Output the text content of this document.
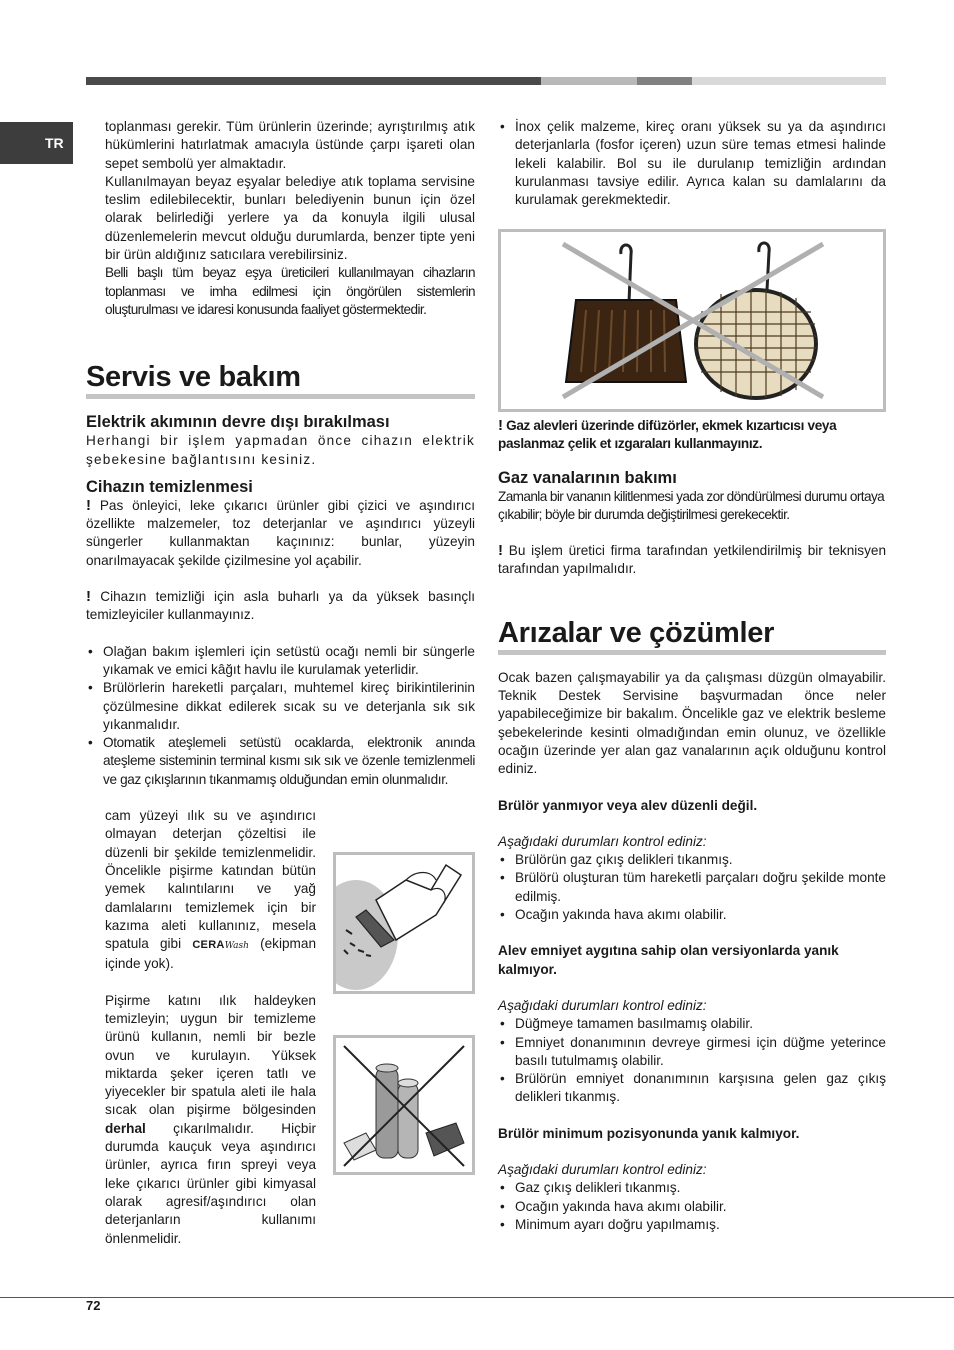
TR

toplanması gerekir. Tüm ürünlerin üzerinde; ayrıştırılmış atık hükümlerini hatırlatmak amacıyla üstünde çarpı işareti olan sepet sembolü yer almaktadır.

Kullanılmayan beyaz eşyalar belediye atık toplama servisine teslim edilebilecektir, bunları belediyenin bunun için özel olarak belirlediği yerlere ya da konuyla ilgili ulusal düzenlemelerin mevcut olduğu durumlarda, benzer tipte yeni bir ürün aldığınız satıcılara verebilirsiniz.

Belli başlı tüm beyaz eşya üreticileri kullanılmayan cihazların toplanması ve imha edilmesi için öngörülen sistemlerin oluşturulması ve idaresi konusunda faaliyet göstermektedir.

Servis ve bakım
Elektrik akımının devre dışı bırakılması

Herhangi bir işlem yapmadan önce cihazın elektrik şebekesine bağlantısını kesiniz.

Cihazın temizlenmesi

! Pas önleyici, leke çıkarıcı ürünler gibi çizici ve aşındırıcı özellikte malzemeler, toz deterjanlar ve aşındırıcı yüzeyli süngerler kullanmaktan kaçınınız: bunlar, yüzeyin onarılmayacak şekilde çizilmesine yol açabilir.

! Cihazın temizliği için asla buharlı ya da yüksek basınçlı temizleyiciler kullanmayınız.

• Olağan bakım işlemleri için setüstü ocağı nemli bir süngerle yıkamak ve emici kâğıt havlu ile kurulamak yeterlidir.
• Brülörlerin hareketli parçaları, muhtemel kireç birikintilerinin çözülmesine dikkat edilerek sıcak su ve deterjanla sık sık yıkanmalıdır.
• Otomatik ateşlemeli setüstü ocaklarda, elektronik anında ateşleme sisteminin terminal kısmı sık sık ve özenle temizlenmeli ve gaz çıkışlarının tıkanmamış olduğundan emin olunmalıdır.

cam yüzeyi ılık su ve aşındırıcı olmayan deterjan çözeltisi ile düzenli bir şekilde temizlenmelidir. Öncelikle pişirme katından bütün yemek kalıntılarını ve yağ damlalarını temizlemek için bir kazıma aleti kullanınız, mesela spatula gibi CERAWash (ekipman içinde yok).

Pişirme katını ılık haldeyken temizleyin; uygun bir temizleme ürünü kullanın, nemli bir bezle ovun ve kurulayın. Yüksek miktarda şeker içeren tatlı ve yiyecekler bir spatula aleti ile hala sıcak olan pişirme bölgesinden derhal çıkarılmalıdır. Hiçbir durumda kauçuk veya aşındırıcı ürünler, ayrıca fırın spreyi veya leke çıkarıcı ürünler gibi kimyasal olarak agresif/aşındırıcı olan deterjanların kullanımı önlenmelidir.

• İnox çelik malzeme, kireç oranı yüksek su ya da aşındırıcı deterjanlarla (fosfor içeren) uzun süre temas etmesi halinde lekeli kalabilir. Bol su ile durulanıp temizliğin ardından kurulanması tavsiye edilir. Ayrıca kalan su damlalarını da kurulamak gerekmektedir.

! Gaz alevleri üzerinde difüzörler, ekmek kızartıcısı veya paslanmaz çelik et ızgaraları kullanmayınız.

Gaz vanalarının bakımı

Zamanla bir vananın kilitlenmesi yada zor döndürülmesi durumu ortaya çıkabilir; böyle bir durumda değiştirilmesi gerekecektir.

! Bu işlem üretici firma tarafından yetkilendirilmiş bir teknisyen tarafından yapılmalıdır.

Arızalar ve çözümler

Ocak bazen çalışmayabilir ya da çalışması düzgün olmayabilir. Teknik Destek Servisine başvurmadan önce neler yapabileceğimize bir bakalım. Öncelikle gaz ve elektrik besleme şebekelerinde kesinti olmadığından emin olunuz, ve özellikle ocağın üzerinde yer alan gaz vanalarının açık olduğunu kontrol ediniz.

Brülör yanmıyor veya alev düzenli değil.

Aşağıdaki durumları kontrol ediniz:

• Brülörün gaz çıkış delikleri tıkanmış.
• Brülörü oluşturan tüm hareketli parçaları doğru şekilde monte edilmiş.
• Ocağın yakında hava akımı olabilir.

Alev emniyet aygıtına sahip olan versiyonlarda yanık kalmıyor.

Aşağıdaki durumları kontrol ediniz:

• Düğmeye tamamen basılmamış olabilir.
• Emniyet donanımının devreye girmesi için düğme yeterince basılı tutulmamış olabilir.
• Brülörün emniyet donanımının karşısına gelen gaz çıkış delikleri tıkanmış.

Brülör minimum pozisyonunda yanık kalmıyor.

Aşağıdaki durumları kontrol ediniz:

• Gaz çıkış delikleri tıkanmış.
• Ocağın yakında hava akımı olabilir.
• Minimum ayarı doğru yapılmamış.
72
